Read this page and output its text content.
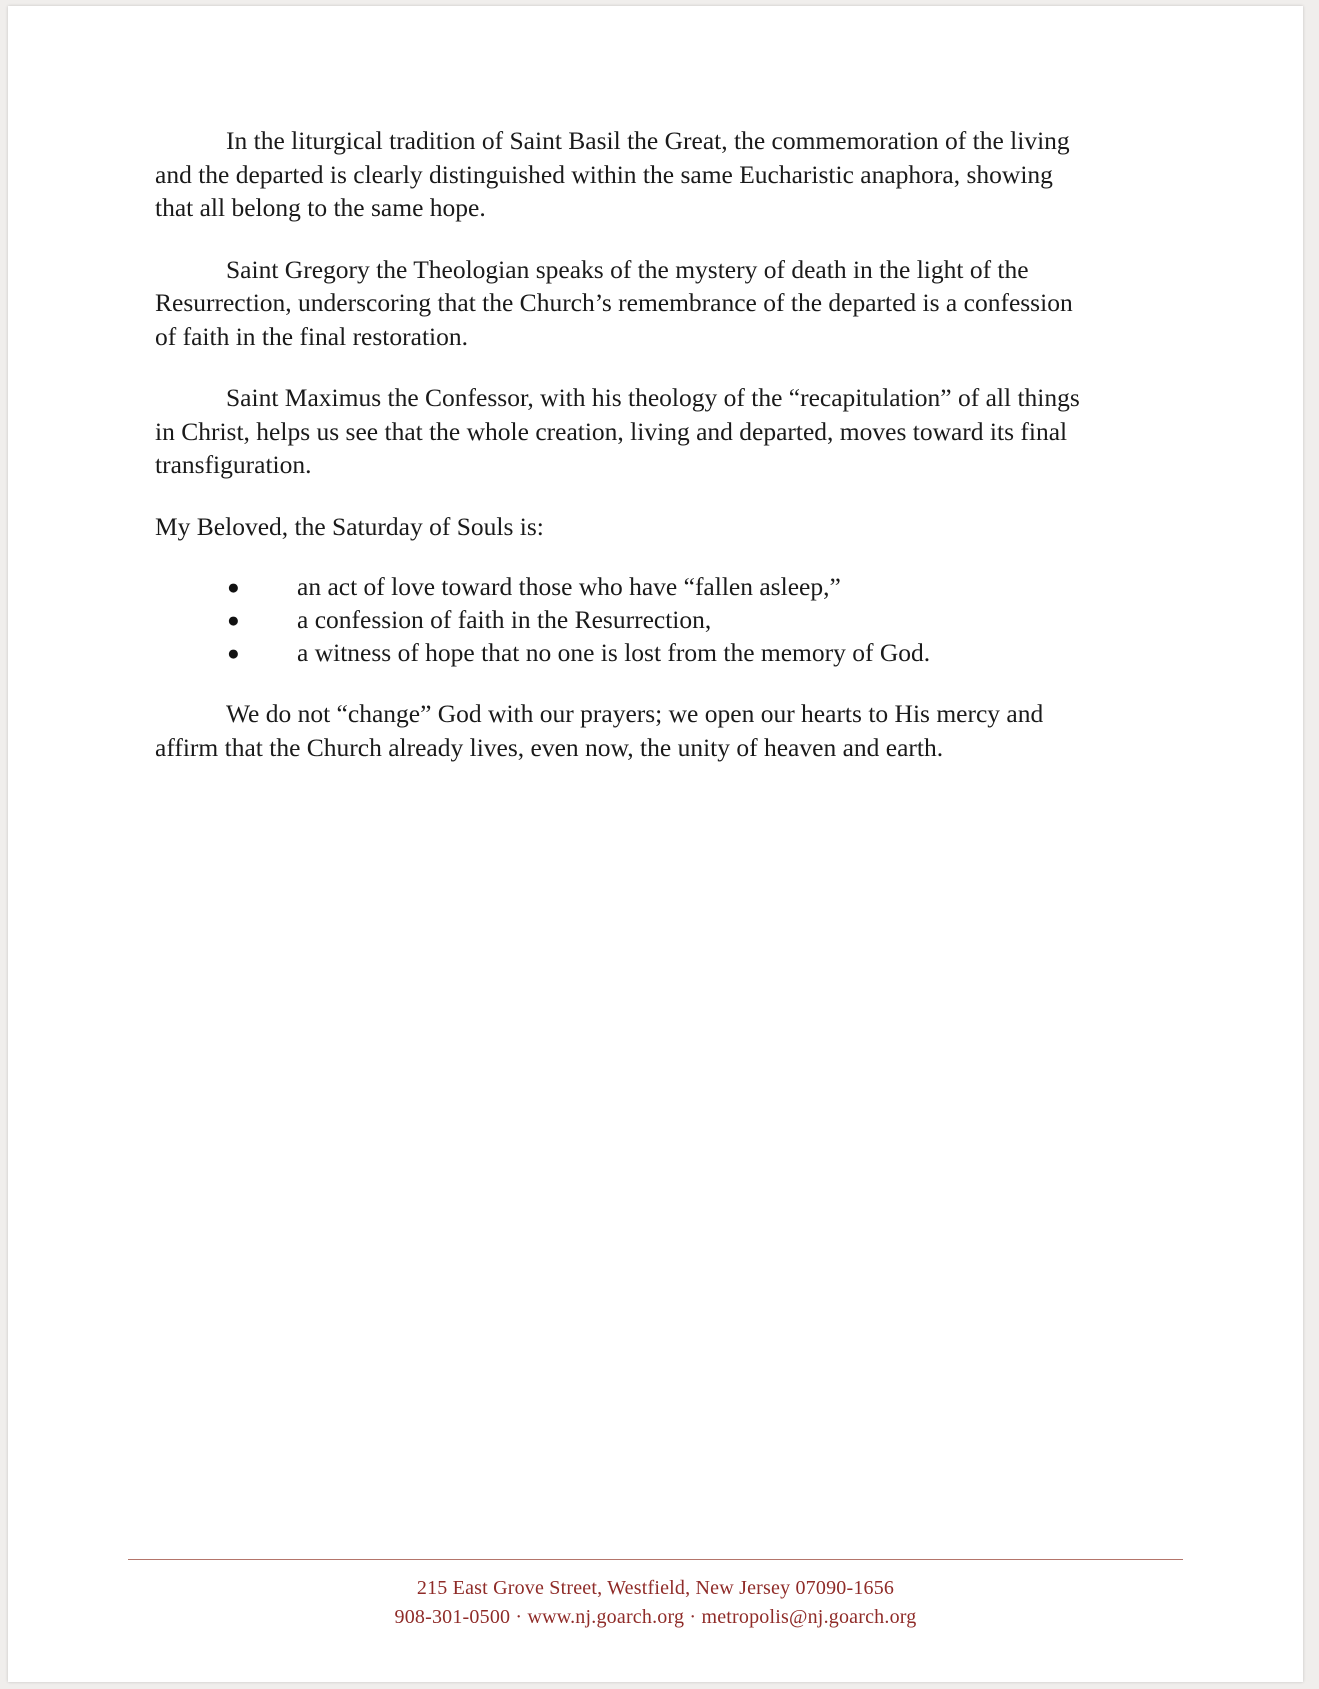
In the liturgical tradition of Saint Basil the Great, the commemoration of the living and the departed is clearly distinguished within the same Eucharistic anaphora, showing that all belong to the same hope.

Saint Gregory the Theologian speaks of the mystery of death in the light of the Resurrection, underscoring that the Church’s remembrance of the departed is a confession of faith in the final restoration.

Saint Maximus the Confessor, with his theology of the “recapitulation” of all things in Christ, helps us see that the whole creation, living and departed, moves toward its final transfiguration.

My Beloved, the Saturday of Souls is:

● an act of love toward those who have “fallen asleep,”
● a confession of faith in the Resurrection,
● a witness of hope that no one is lost from the memory of God.

We do not “change” God with our prayers; we open our hearts to His mercy and affirm that the Church already lives, even now, the unity of heaven and earth.

215 East Grove Street, Westfield, New Jersey 07090-1656
908-301-0500 · www.nj.goarch.org · metropolis@nj.goarch.org
